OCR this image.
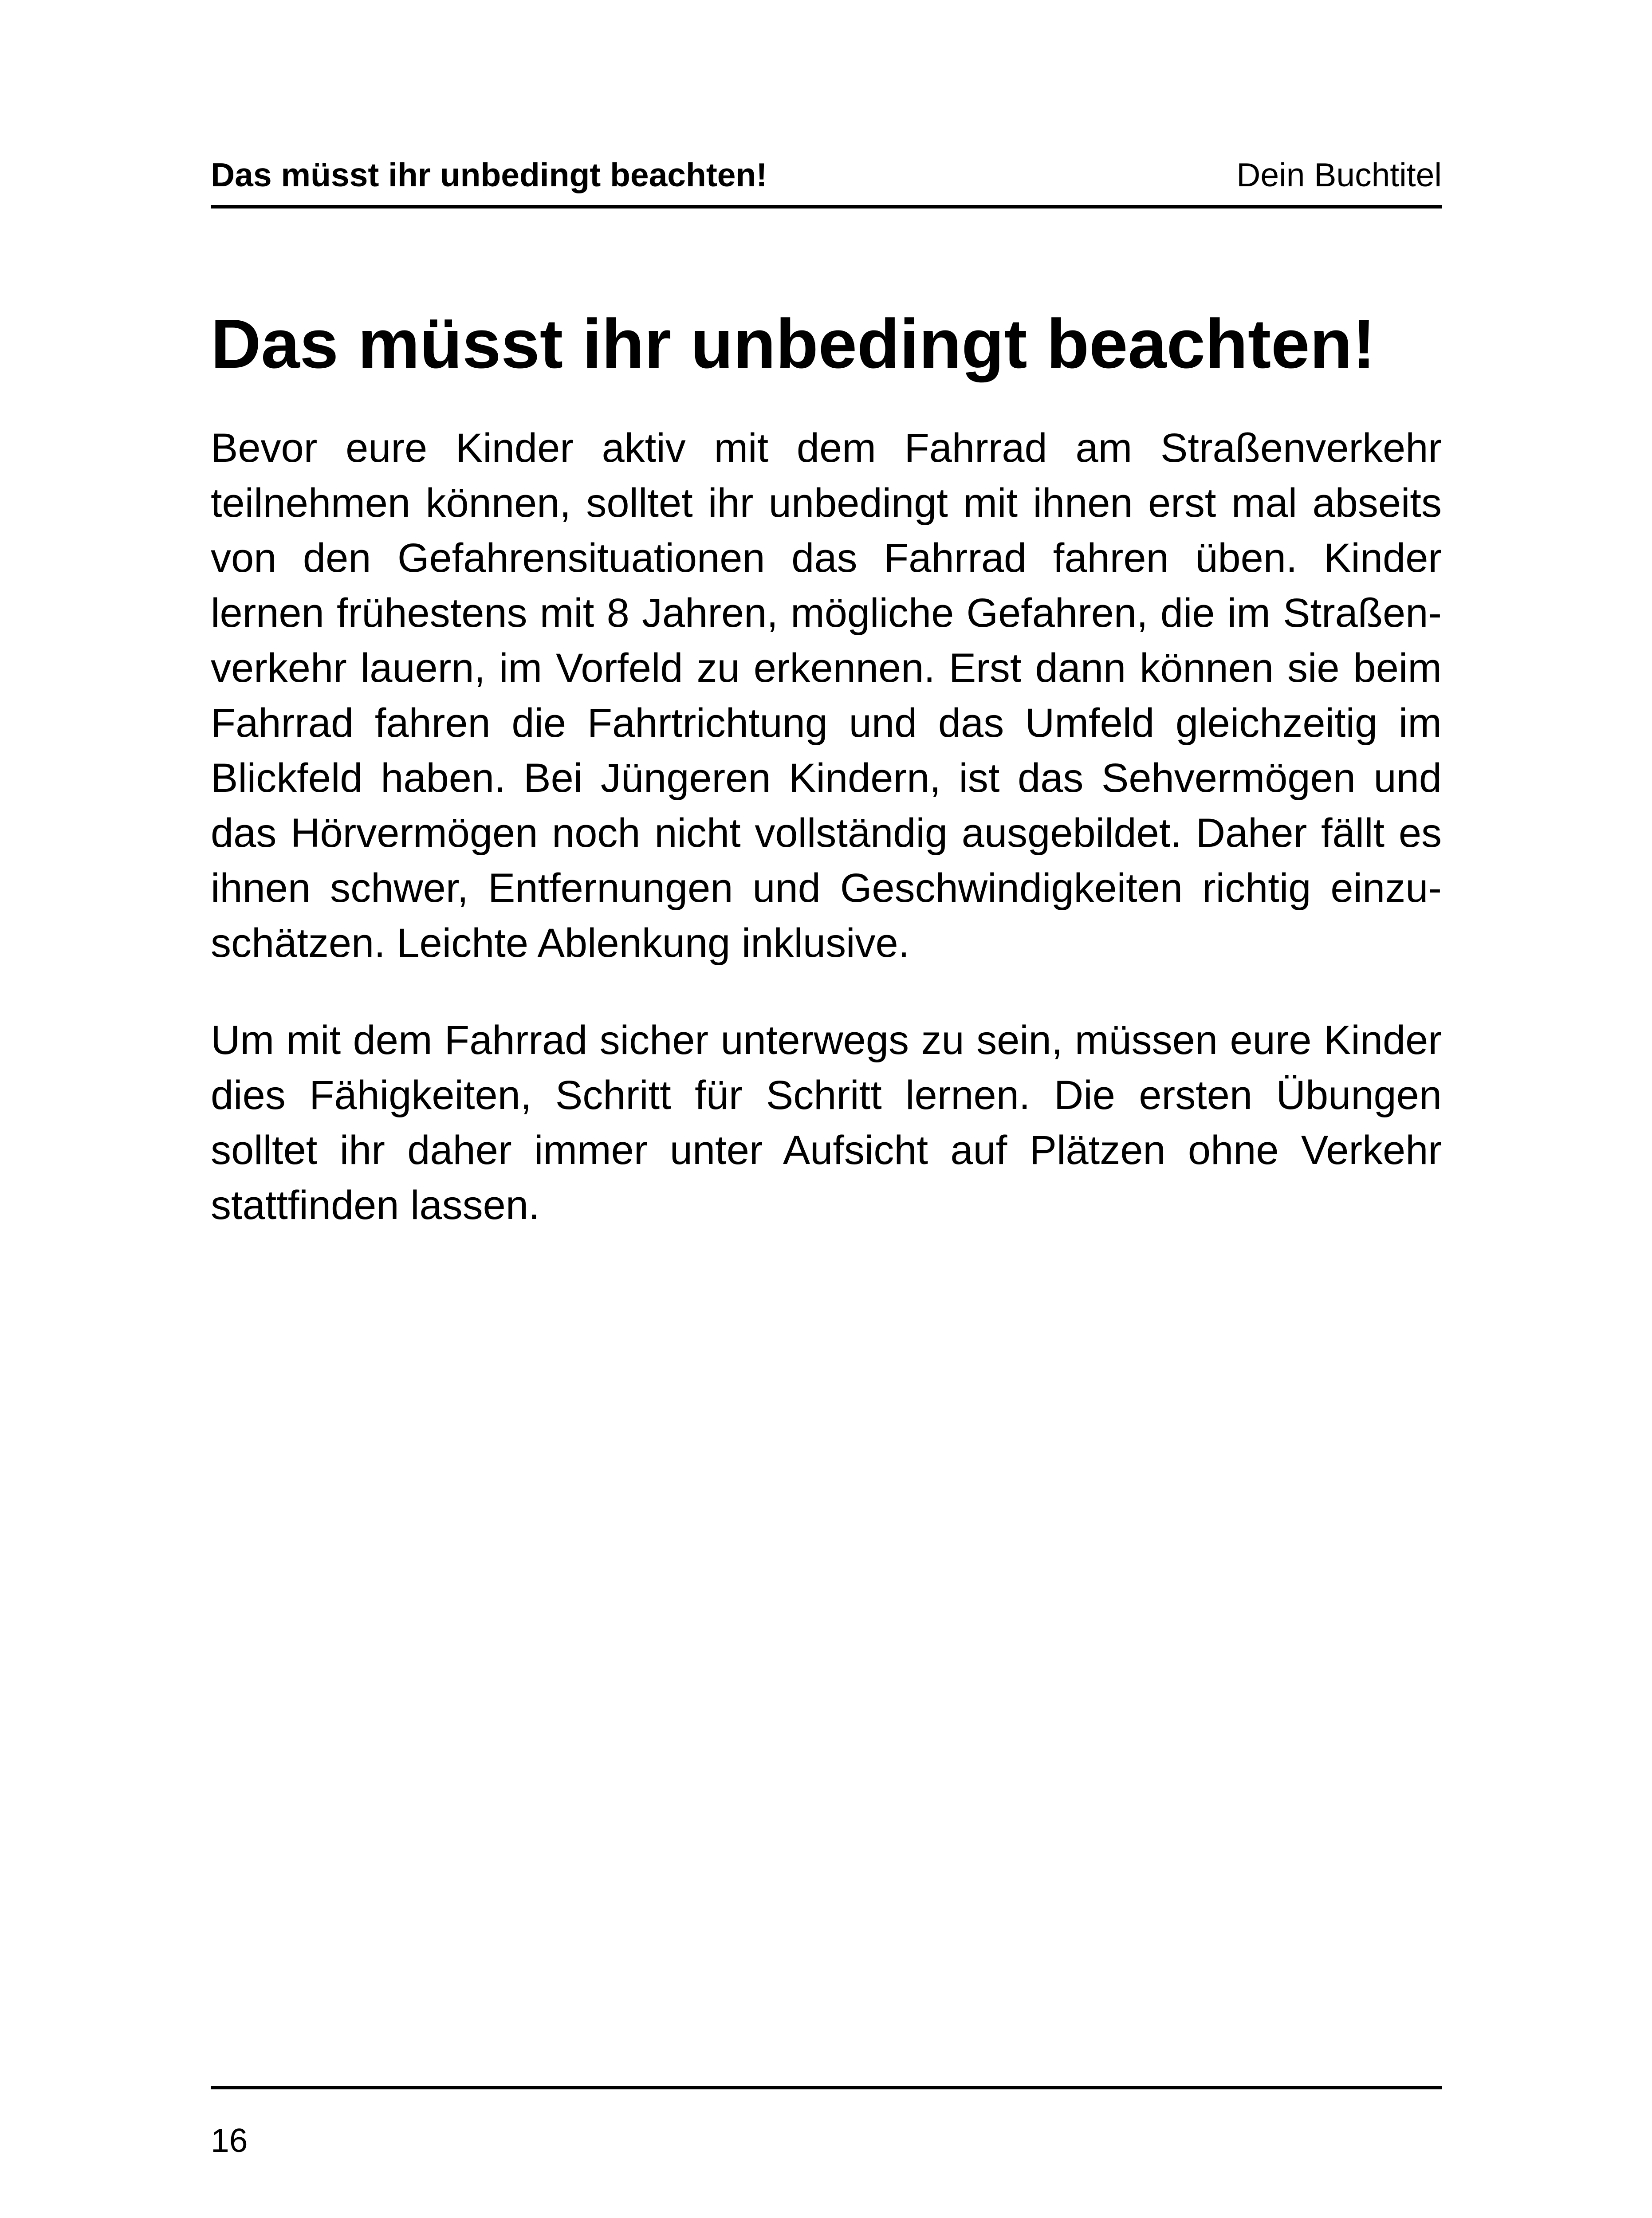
Das müsst ihr unbedingt beachten!	Dein Buchtitel
Das müsst ihr unbedingt beachten!

Bevor eure Kinder aktiv mit dem Fahrrad am Straßenverkehr teilnehmen können, solltet ihr unbedingt mit ihnen erst mal abseits von den Gefahrensituationen das Fahrrad fahren üben. Kinder lernen frühestens mit 8 Jahren, mögliche Gefahren, die im Straßenverkehr lauern, im Vorfeld zu erkennen. Erst dann können sie beim Fahrrad fahren die Fahrtrichtung und das Umfeld gleichzeitig im Blickfeld haben. Bei Jüngeren Kindern, ist das Sehvermögen und das Hörvermögen noch nicht vollständig ausgebildet. Daher fällt es ihnen schwer, Entfernungen und Geschwindigkeiten richtig einzuschätzen. Leichte Ablenkung inklusive.

Um mit dem Fahrrad sicher unterwegs zu sein, müssen eure Kinder dies Fähigkeiten, Schritt für Schritt lernen. Die ersten Übungen solltet ihr daher immer unter Aufsicht auf Plätzen ohne Verkehr stattfinden lassen.

16
